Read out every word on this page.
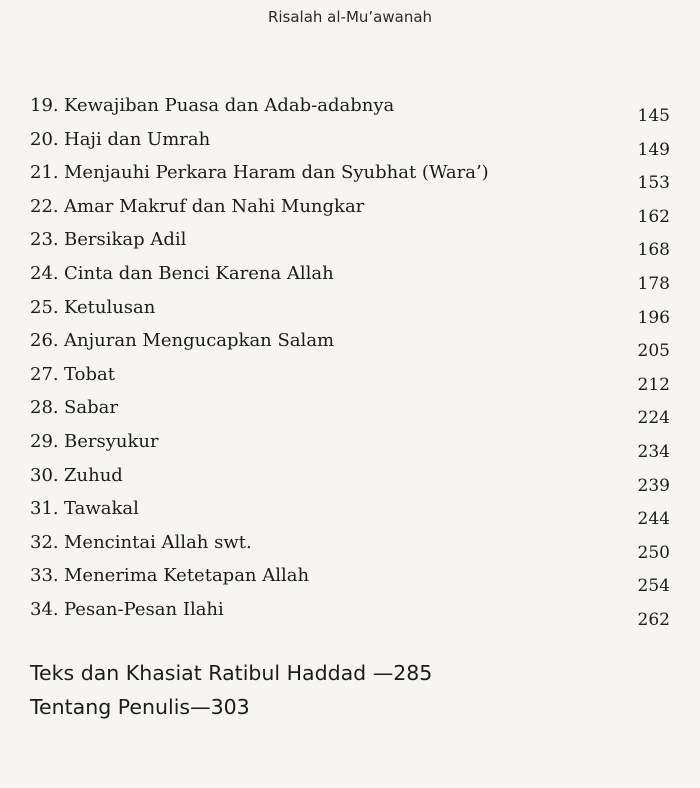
Risalah al-Mu’awanah
19. Kewajiban Puasa dan Adab-adabnya	145
20. Haji dan Umrah	149
21. Menjauhi Perkara Haram dan Syubhat (Wara’)	153
22. Amar Makruf dan Nahi Mungkar	162
23. Bersikap Adil	168
24. Cinta dan Benci Karena Allah	178
25. Ketulusan	196
26. Anjuran Mengucapkan Salam	205
27. Tobat	212
28. Sabar	224
29. Bersyukur	234
30. Zuhud	239
31. Tawakal	244
32. Mencintai Allah swt.	250
33. Menerima Ketetapan Allah	254
34. Pesan-Pesan Ilahi	262
Teks dan Khasiat Ratibul Haddad —285
Tentang Penulis—303
